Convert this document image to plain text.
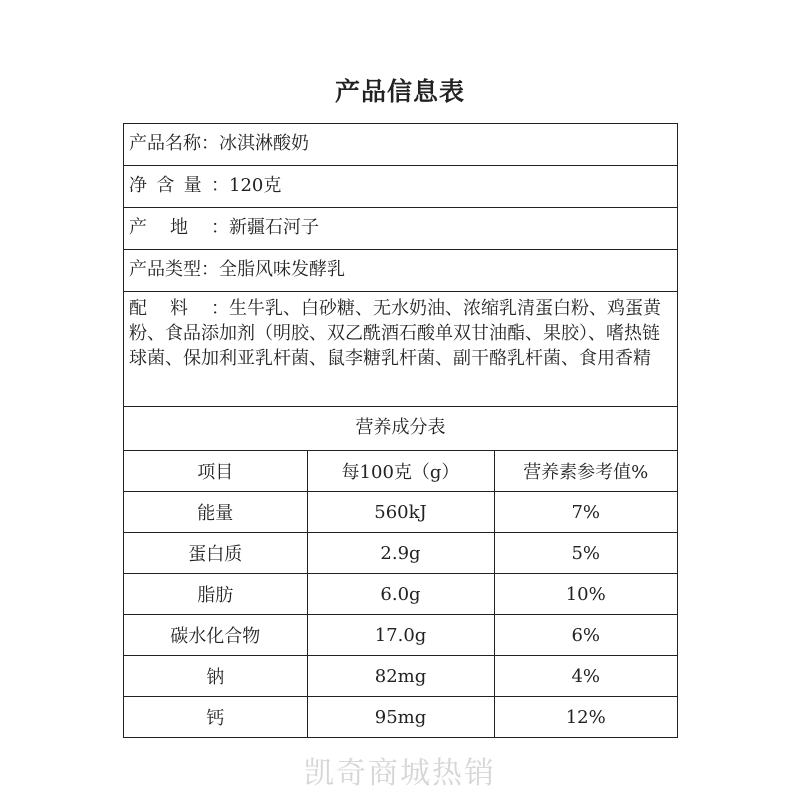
产品信息表
产品名称：冰淇淋酸奶
净 含 量 ： 120克
产 地 ： 新疆石河子
产品类型：全脂风味发酵乳
配 料 ： 生牛乳、白砂糖、无水奶油、浓缩乳清蛋白粉、鸡蛋黄粉、食品添加剂（明胶、双乙酰酒石酸单双甘油酯、果胶）、嗜热链球菌、保加利亚乳杆菌、鼠李糖乳杆菌、副干酪乳杆菌、食用香精
营养成分表
项目	每100克（g）	营养素参考值%
能量	560kJ	7%
蛋白质	2.9g	5%
脂肪	6.0g	10%
碳水化合物	17.0g	6%
钠	82mg	4%
钙	95mg	12%
凯奇商城热销
